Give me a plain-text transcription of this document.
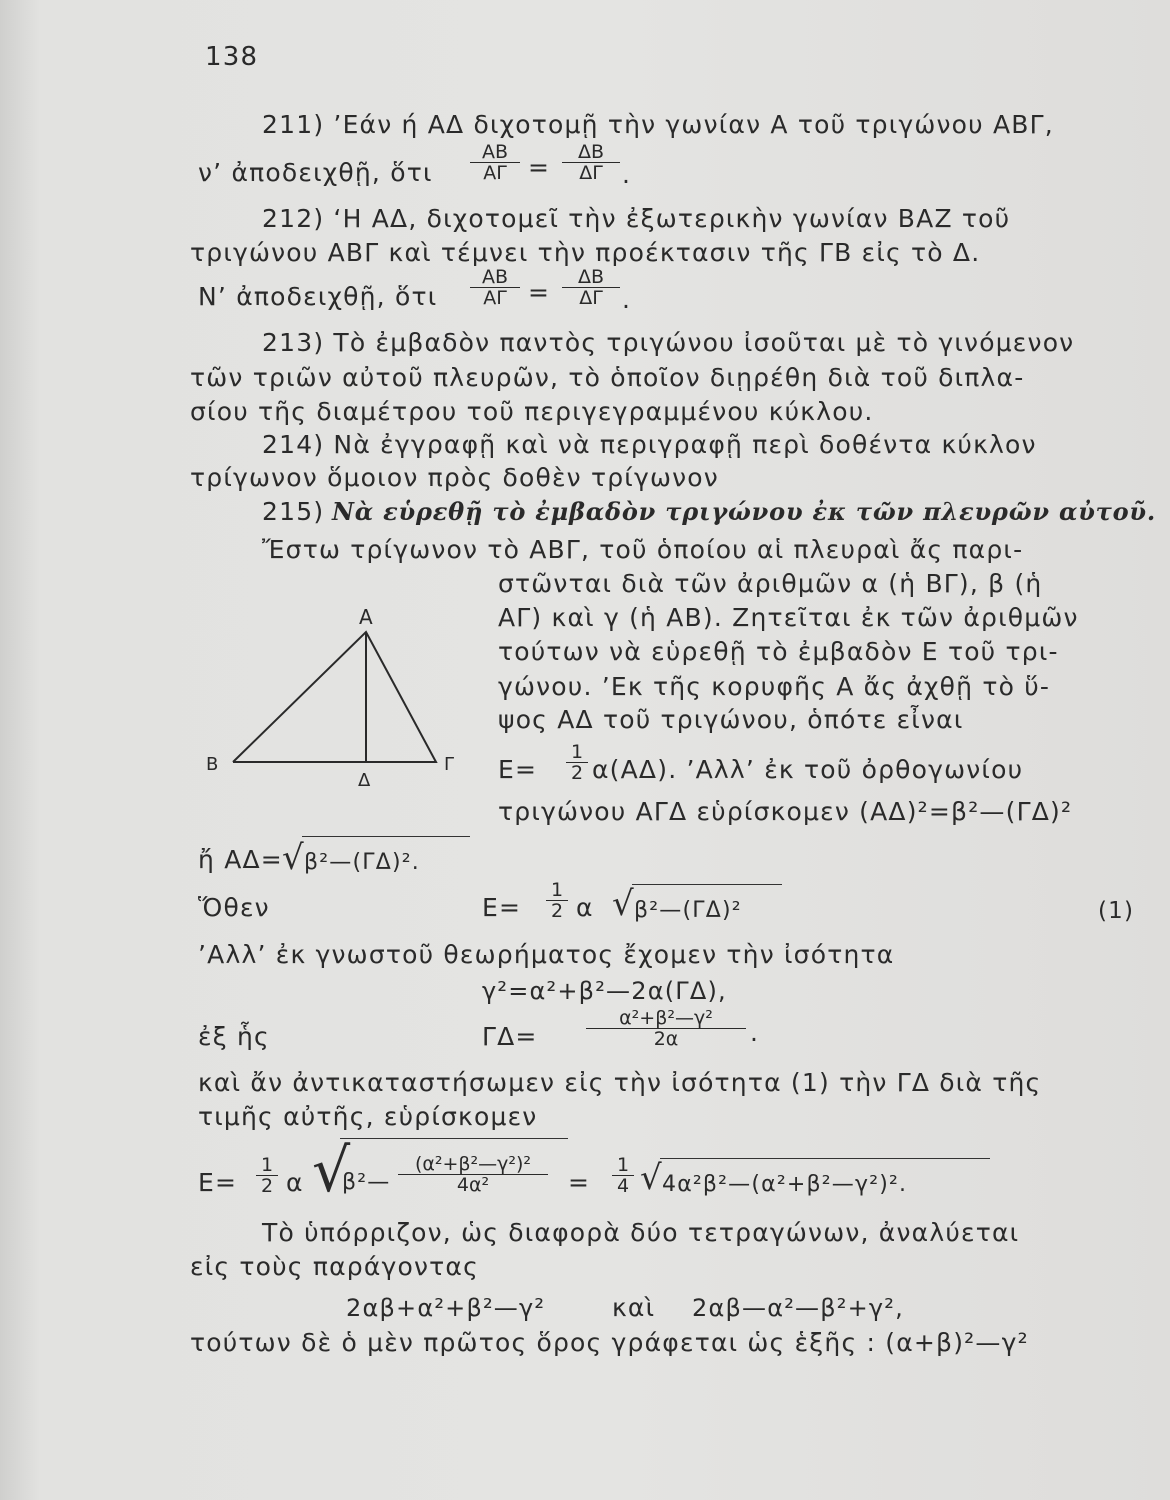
138
211) ’Εάν ή ΑΔ διχοτομῇ τὴν γωνίαν Α τοῦ τριγώνου ΑΒΓ,
ν’ ἀποδειχθῇ, ὅτι $\frac{AB}{A\Gamma} = \frac{\Delta B}{\Delta\Gamma}$ .
212) ‘Η ΑΔ, διχοτομεῖ τὴν ἐξωτερικὴν γωνίαν ΒΑΖ τοῦ
τριγώνου ΑΒΓ καὶ τέμνει τὴν προέκτασιν τῆς ΓΒ εἰς τὸ Δ.
Ν’ ἀποδειχθῇ, ὅτι $\frac{AB}{A\Gamma} = \frac{\Delta B}{\Delta\Gamma}$ .
213) Τὸ ἐμβαδὸν παντὸς τριγώνου ἰσοῦται μὲ τὸ γινόμενον
τῶν τριῶν αὐτοῦ πλευρῶν, τὸ ὁποῖον διῃρέθη διὰ τοῦ διπλα-
σίου τῆς διαμέτρου τοῦ περιγεγραμμένου κύκλου.
214) Νὰ ἐγγραφῇ καὶ νὰ περιγραφῇ περὶ δοθέντα κύκλον
τρίγωνον ὅμοιον πρὸς δοθὲν τρίγωνον
215) Νὰ εὑρεθῇ τὸ ἐμβαδὸν τριγώνου ἐκ τῶν πλευρῶν αὐτοῦ.
Ἔστω τρίγωνον τὸ ΑΒΓ, τοῦ ὁποίου αἱ πλευραὶ ἄς παρι-
στῶνται διὰ τῶν ἀριθμῶν α (ἡ ΒΓ), β (ἡ
ΑΓ) καὶ γ (ἡ ΑΒ). Ζητεῖται ἐκ τῶν ἀριθμῶν
τούτων νὰ εὑρεθῇ τὸ ἐμβαδὸν Ε τοῦ τρι-
γώνου. ’Εκ τῆς κορυφῆς Α ἄς ἀχθῇ τὸ ὕ-
ψος ΑΔ τοῦ τριγώνου, ὁπότε εἶναι
Α
Β	Γ
Δ	$E= \frac{1}{2} \alpha(A\Delta)$. ’Αλλ’ ἐκ τοῦ ὀρθογωνίου
τριγώνου ΑΓΔ εὑρίσκομεν (ΑΔ)²=β²—(ΓΔ)²
ἤ ΑΔ= √ β²—(ΓΔ)².
Ὅθεν	$E= \frac{1}{2}$ α √ β²—(ΓΔ)²	(1)
’Αλλ’ ἐκ γνωστοῦ θεωρήματος ἔχομεν τὴν ἰσότητα
γ²=α²+β²—2α(ΓΔ),
ἐξ ἧς	ΓΔ=	$\frac{\text{α²+β²—γ²}}{2\alpha}$ .
καὶ ἄν ἀντικαταστήσωμεν εἰς τὴν ἰσότητα (1) τὴν ΓΔ διὰ τῆς
τιμῆς αὐτῆς, εὑρίσκομεν
$E= \frac{1}{2}$ α √
β²— $\frac{\text{(α²+β²—γ²)²}}{\text{4α²}} = \frac{1}{4}$ √ 4α²β²—(α²+β²—γ²)².
Τὸ ὑπόρριζον, ὡς διαφορὰ δύο τετραγώνων, ἀναλύεται
εἰς τοὺς παράγοντας
2αβ+α²+β²—γ²	καὶ 2αβ—α²—β²+γ²,
τούτων δὲ ὁ μὲν πρῶτος ὅρος γράφεται ὡς ἑξῆς : (α+β)²—γ²
